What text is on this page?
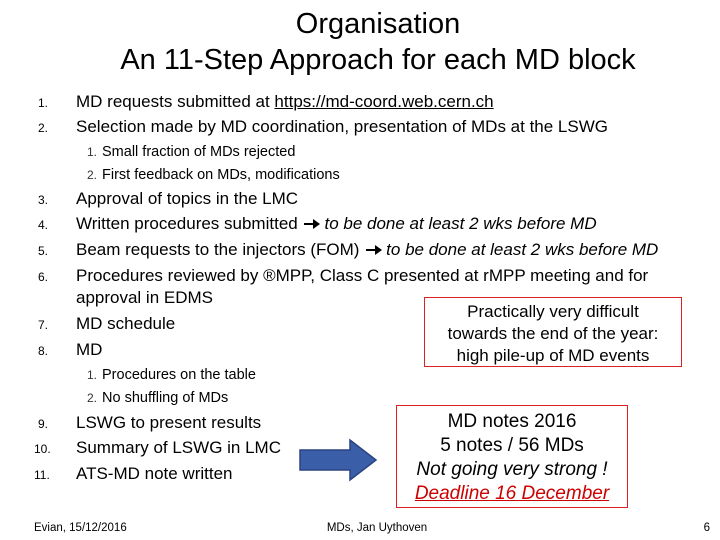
Organisation
An 11-Step Approach for each MD block
1.	MD requests submitted at https://md-coord.web.cern.ch
2.	Selection made by MD coordination, presentation of MDs at the LSWG
1. Small fraction of MDs rejected
2. First feedback on MDs, modifications
3.	Approval of topics in the LMC
4.	Written procedures submitted to be done at least 2 wks before MD
5.	Beam requests to the injectors (FOM) to be done at least 2 wks before MD
6.	Procedures reviewed by ®MPP, Class C presented at rMPP meeting and for
approval in EDMS
7.	MD schedule
8.	MD
1. Procedures on the table
2. No shuffling of MDs
9.	LSWG to present results
10.	Summary of LSWG in LMC
11.	ATS-MD note written
Practically very difficult
towards the end of the year:
high pile-up of MD events
MD notes 2016
5 notes / 56 MDs
Not going very strong !
Deadline 16 December
Evian, 15/12/2016	MDs, Jan Uythoven	6
